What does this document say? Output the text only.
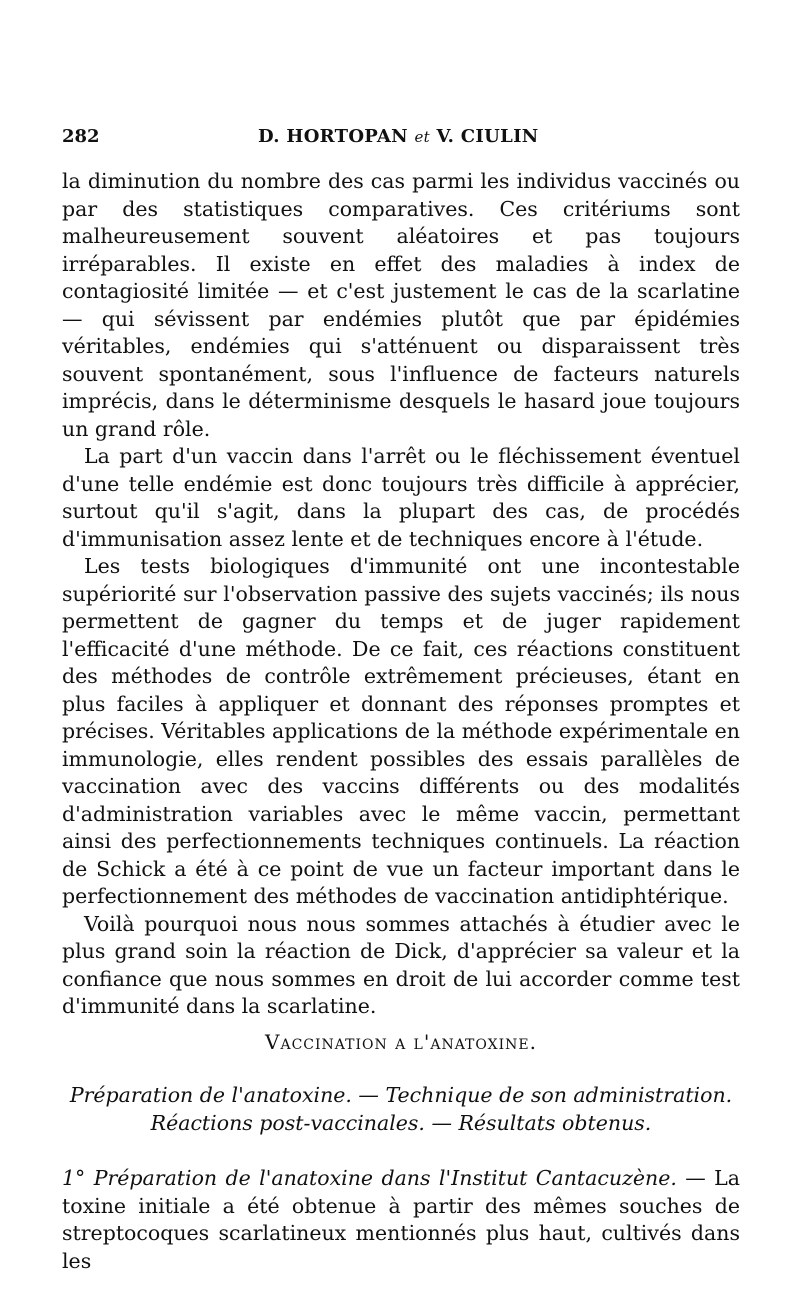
282	D. HORTOPAN et V. CIULIN

la diminution du nombre des cas parmi les individus vaccinés ou par des statistiques comparatives. Ces critériums sont malheureusement souvent aléatoires et pas toujours irréparables. Il existe en effet des maladies à index de contagiosité limitée — et c'est justement le cas de la scarlatine — qui sévissent par endémies plutôt que par épidémies véritables, endémies qui s'atténuent ou disparaissent très souvent spontanément, sous l'influence de facteurs naturels imprécis, dans le déterminisme desquels le hasard joue toujours un grand rôle.

La part d'un vaccin dans l'arrêt ou le fléchissement éventuel d'une telle endémie est donc toujours très difficile à apprécier, surtout qu'il s'agit, dans la plupart des cas, de procédés d'immunisation assez lente et de techniques encore à l'étude.

Les tests biologiques d'immunité ont une incontestable supériorité sur l'observation passive des sujets vaccinés; ils nous permettent de gagner du temps et de juger rapidement l'efficacité d'une méthode. De ce fait, ces réactions constituent des méthodes de contrôle extrêmement précieuses, étant en plus faciles à appliquer et donnant des réponses promptes et précises. Véritables applications de la méthode expérimentale en immunologie, elles rendent possibles des essais parallèles de vaccination avec des vaccins différents ou des modalités d'administration variables avec le même vaccin, permettant ainsi des perfectionnements techniques continuels. La réaction de Schick a été à ce point de vue un facteur important dans le perfectionnement des méthodes de vaccination antidiphtérique.

Voilà pourquoi nous nous sommes attachés à étudier avec le plus grand soin la réaction de Dick, d'apprécier sa valeur et la confiance que nous sommes en droit de lui accorder comme test d'immunité dans la scarlatine.

Vaccination a l'anatoxine.
Préparation de l'anatoxine. — Technique de son administration.
Réactions post-vaccinales. — Résultats obtenus.
1° Préparation de l'anatoxine dans l'Institut Cantacuzène. — La toxine initiale a été obtenue à partir des mêmes souches de streptocoques scarlatineux mentionnés plus haut, cultivés dans les
